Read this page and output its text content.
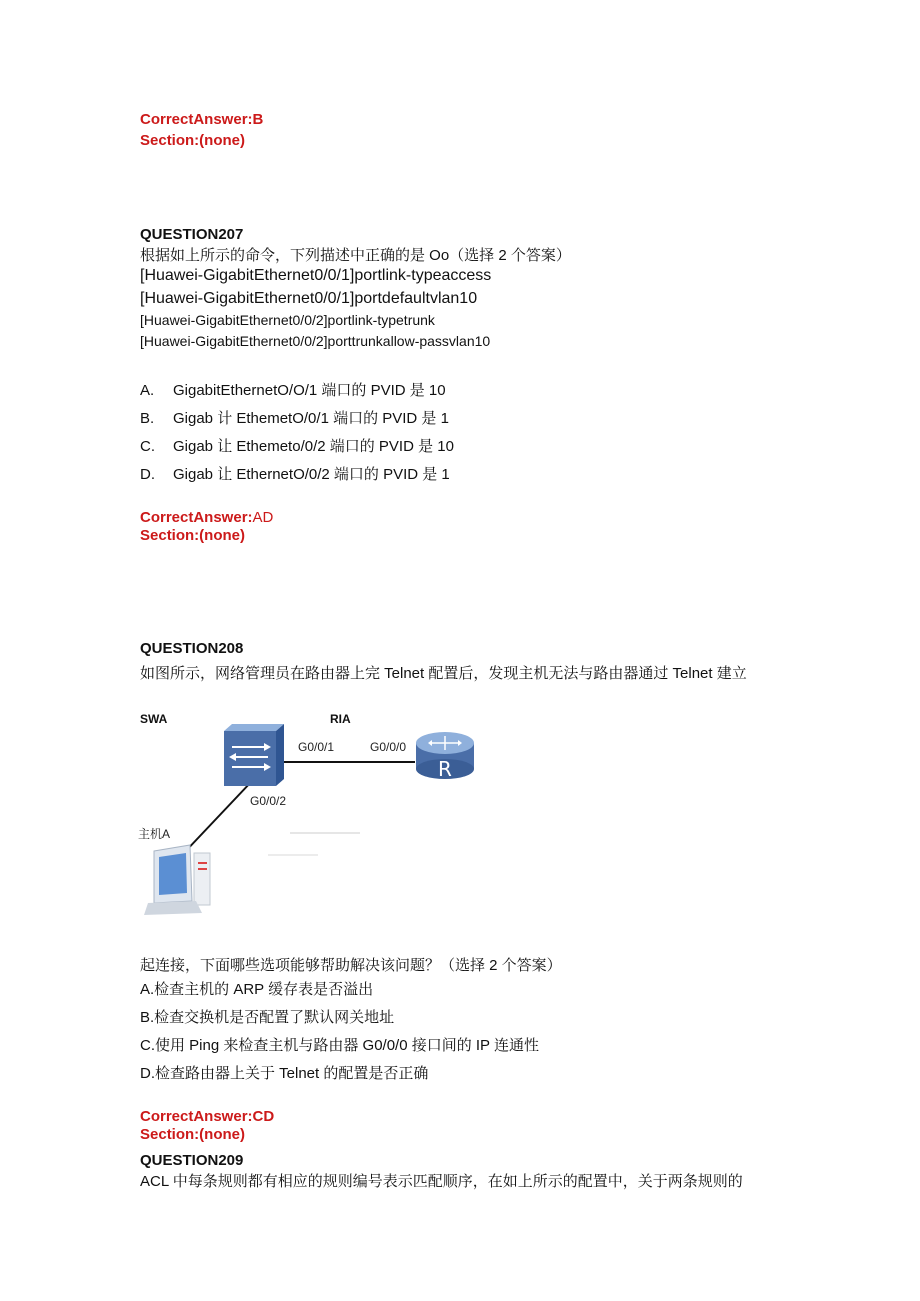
CorrectAnswer:B
Section:(none)
QUESTION207
根据如上所示的命令，下列描述中正确的是 Oo（选择 2 个答案）
[Huawei-GigabitEthernet0/0/1]portlink-typeaccess
[Huawei-GigabitEthernet0/0/1]portdefaultvlan10
[Huawei-GigabitEthernet0/0/2]portlink-typetrunk
[Huawei-GigabitEthernet0/0/2]porttrunkallow-passvlan10
A. GigabitEthernetO/O/1 端口的 PVID 是 10
B. Gigab 计 EthemetO/0/1 端口的 PVID 是 1
C. Gigab 让 Ethemeto/0/2 端口的 PVID 是 10
D. Gigab 让 EthernetO/0/2 端口的 PVID 是 1
CorrectAnswer:AD
Section:(none)
QUESTION208
如图所示，网络管理员在路由器上完 Telnet 配置后，发现主机无法与路由器通过 Telnet 建立
R
SWA	RIA
G0/0/1	G0/0/0
G0/0/2
主机A
起连接，下面哪些选项能够帮助解决该问题？（选择 2 个答案）
A.检查主机的 ARP 缓存表是否溢出
B.检查交换机是否配置了默认网关地址
C.使用 Ping 来检查主机与路由器 G0/0/0 接口间的 IP 连通性
D.检查路由器上关于 Telnet 的配置是否正确
CorrectAnswer:CD
Section:(none)
QUESTION209
ACL 中每条规则都有相应的规则编号表示匹配顺序，在如上所示的配置中，关于两条规则的
